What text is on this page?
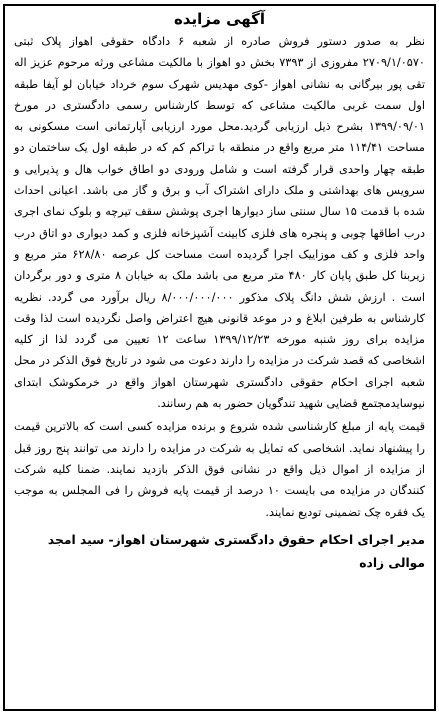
آگهی مزایده

نظر به صدور دستور فروش صادره از شعبه ۶ دادگاه حقوقی اهواز پلاک ثبتی ۲۷۰۹/۱/۰۵۷۰ مفروزی از ۷۳۹۳ بخش دو اهواز با مالکیت مشاعی ورثه مرحوم عزیز اله تقی پور بیرگانی به نشانی اهواز -کوی مهدیس شهرک سوم خرداد خیابان لو آیفا طبقه اول سمت غربی مالکیت مشاعی که توسط کارشناس رسمی دادگستری در مورخ ۱۳۹۹/۰۹/۰۱ بشرح ذیل ارزیابی گردید.محل مورد ارزیابی آپارتمانی است مسکونی به مساحت ۱۱۴/۴۱ متر مربع واقع در منطقه با تراکم کم که در طبقه اول یک ساختمان دو طبقه چهار واحدی قرار گرفته است و شامل ورودی دو اطاق خواب هال و پذیرایی و سرویس های بهداشتی و ملک دارای اشتراک آب و برق و گاز می باشد. اعیانی احداث شده با قدمت ۱۵ سال سنتی ساز دیوارها اجری پوشش سقف تیرچه و بلوک نمای اجری درب اطاقها چوبی و پنجره های فلزی کابینت آشپزخانه فلزی و کمد دیواری دو اتاق درب واحد فلزی و کف موزاییک اجرا گردیده است مساحت کل عرصه ۶۲۸/۸۰ متر مربع و زیربنا کل طبق پایان کار ۴۸۰ متر مربع می باشد ملک به خیابان ۸ متری و دور برگردان است . ارزش شش دانگ پلاک مذکور ۸/۰۰۰/۰۰۰/۰۰۰ ریال برآورد می گردد. نظریه کارشناس به طرفین ابلاغ و در موعد قانونی هیچ اعتراض واصل نگردیده است لذا وقت مزایده برای روز شنبه مورخه ۱۳۹۹/۱۲/۲۳ ساعت ۱۲ تعیین می گردد لذا از کلیه اشخاصی که قصد شرکت در مزایده را دارند دعوت می شود در تاریخ فوق الذکر در محل شعبه اجرای احکام حقوقی دادگستری شهرستان اهواز واقع در خرمکوشک ابتدای نیوسایدمجتمع قضایی شهید تندگویان حضور به هم رسانند.

قیمت پایه از مبلغ کارشناسی شده شروع و برنده مزایده کسی است که بالاترین قیمت را پیشنهاد نماید. اشخاصی که تمایل به شرکت در مزایده را دارند می توانند پنج روز قبل از مزایده از اموال ذیل واقع در نشانی فوق الذکر بازدید نمایند. ضمنا کلیه شرکت کنندگان در مزایده می بایست ۱۰ درصد از قیمت پایه فروش را فی المجلس به موجب یک فقره چک تضمینی تودیع نمایند.

مدیر اجرای احکام حقوق دادگستری شهرستان اهواز- سید امجد موالی زاده
